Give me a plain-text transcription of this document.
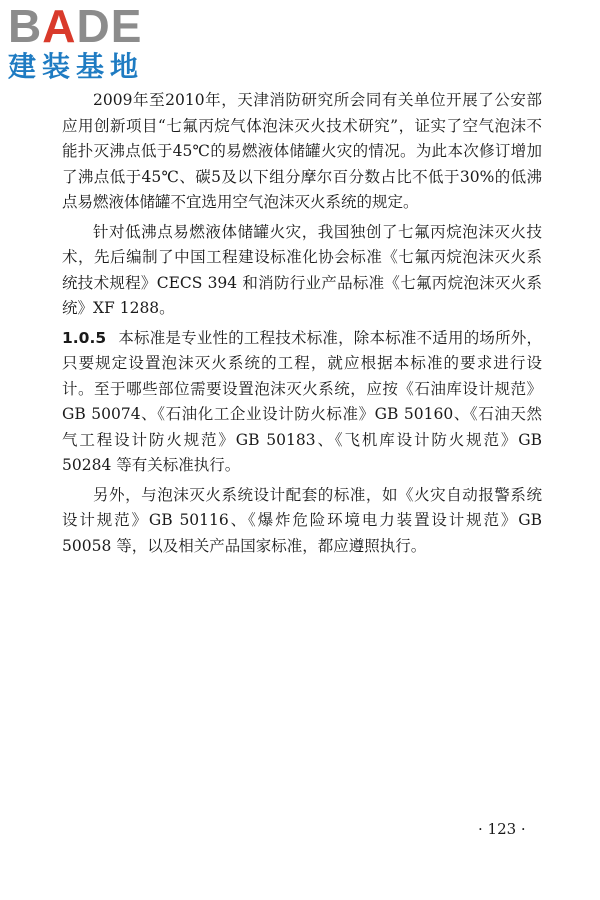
BADE
建装基地

2009年至2010年，天津消防研究所会同有关单位开展了公安部应用创新项目“七氟丙烷气体泡沫灭火技术研究”，证实了空气泡沫不能扑灭沸点低于45℃的易燃液体储罐火灾的情况。为此本次修订增加了沸点低于45℃、碳5及以下组分摩尔百分数占比不低于30%的低沸点易燃液体储罐不宜选用空气泡沫灭火系统的规定。

针对低沸点易燃液体储罐火灾，我国独创了七氟丙烷泡沫灭火技术，先后编制了中国工程建设标准化协会标准《七氟丙烷泡沫灭火系统技术规程》CECS 394 和消防行业产品标准《七氟丙烷泡沫灭火系统》XF 1288。

1.0.5 本标准是专业性的工程技术标准，除本标准不适用的场所外，只要规定设置泡沫灭火系统的工程，就应根据本标准的要求进行设计。至于哪些部位需要设置泡沫灭火系统，应按《石油库设计规范》GB 50074、《石油化工企业设计防火标准》GB 50160、《石油天然气工程设计防火规范》GB 50183、《飞机库设计防火规范》GB 50284 等有关标准执行。

另外，与泡沫灭火系统设计配套的标准，如《火灾自动报警系统设计规范》GB 50116、《爆炸危险环境电力装置设计规范》GB 50058 等，以及相关产品国家标准，都应遵照执行。

· 123 ·
